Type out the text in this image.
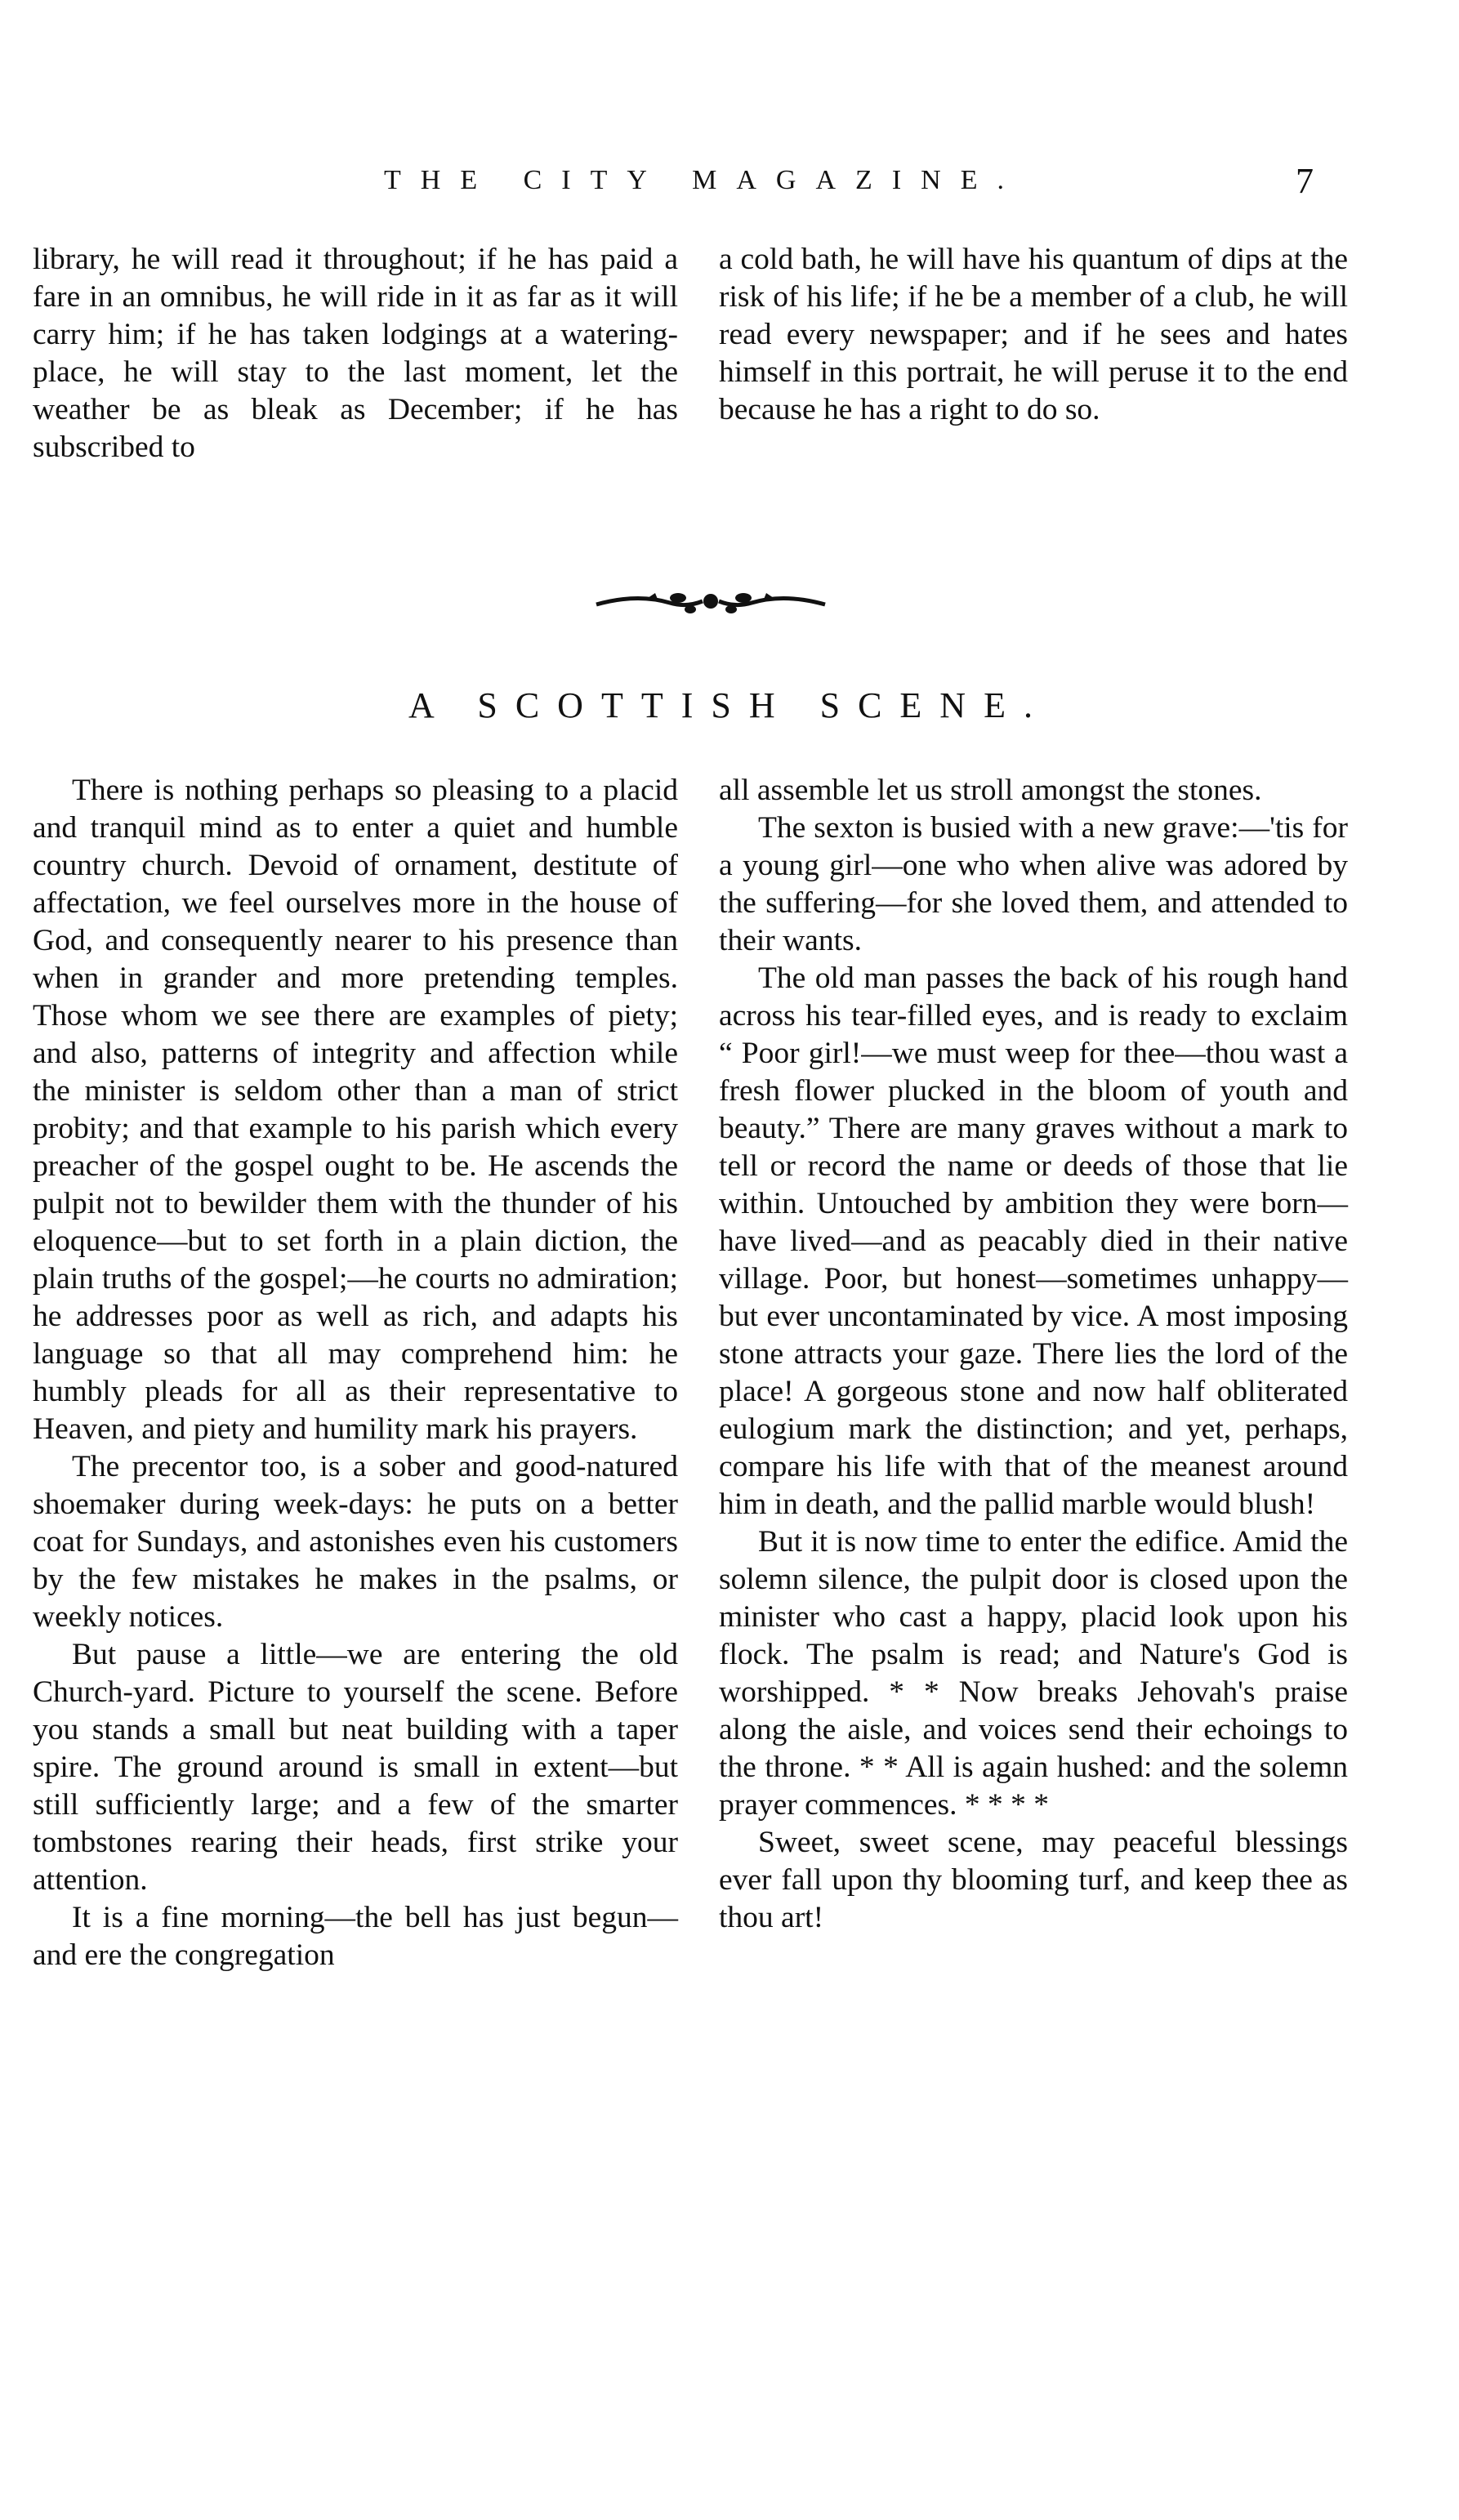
THE CITY MAGAZINE.	7

library, he will read it throughout; if he has paid a fare in an omnibus, he will ride in it as far as it will carry him; if he has taken lodgings at a watering-place, he will stay to the last moment, let the weather be as bleak as December; if he has subscribed to

a cold bath, he will have his quantum of dips at the risk of his life; if he be a member of a club, he will read every newspaper; and if he sees and hates himself in this portrait, he will peruse it to the end because he has a right to do so.

A SCOTTISH SCENE.

There is nothing perhaps so pleasing to a placid and tranquil mind as to enter a quiet and humble country church. Devoid of ornament, destitute of affectation, we feel ourselves more in the house of God, and consequently nearer to his presence than when in grander and more pretending temples. Those whom we see there are examples of piety; and also, patterns of integrity and affection while the minister is seldom other than a man of strict probity; and that example to his parish which every preacher of the gospel ought to be. He ascends the pulpit not to bewilder them with the thunder of his eloquence—but to set forth in a plain diction, the plain truths of the gospel;—he courts no admiration; he addresses poor as well as rich, and adapts his language so that all may comprehend him: he humbly pleads for all as their representative to Heaven, and piety and humility mark his prayers.

The precentor too, is a sober and good-natured shoemaker during week-days: he puts on a better coat for Sundays, and astonishes even his customers by the few mistakes he makes in the psalms, or weekly notices.

But pause a little—we are entering the old Church-yard. Picture to yourself the scene. Before you stands a small but neat building with a taper spire. The ground around is small in extent—but still sufficiently large; and a few of the smarter tombstones rearing their heads, first strike your attention.

It is a fine morning—the bell has just begun—and ere the congregation

all assemble let us stroll amongst the stones.

The sexton is busied with a new grave:—'tis for a young girl—one who when alive was adored by the suffering—for she loved them, and attended to their wants.

The old man passes the back of his rough hand across his tear-filled eyes, and is ready to exclaim “ Poor girl!—we must weep for thee—thou wast a fresh flower plucked in the bloom of youth and beauty.” There are many graves without a mark to tell or record the name or deeds of those that lie within. Untouched by ambition they were born—have lived—and as peacably died in their native village. Poor, but honest—sometimes unhappy—but ever uncontaminated by vice. A most imposing stone attracts your gaze. There lies the lord of the place! A gorgeous stone and now half obliterated eulogium mark the distinction; and yet, perhaps, compare his life with that of the meanest around him in death, and the pallid marble would blush!

But it is now time to enter the edifice. Amid the solemn silence, the pulpit door is closed upon the minister who cast a happy, placid look upon his flock. The psalm is read; and Nature's God is worshipped. * * Now breaks Jehovah's praise along the aisle, and voices send their echoings to the throne. * * All is again hushed: and the solemn prayer commences. * * * *

Sweet, sweet scene, may peaceful blessings ever fall upon thy blooming turf, and keep thee as thou art!
